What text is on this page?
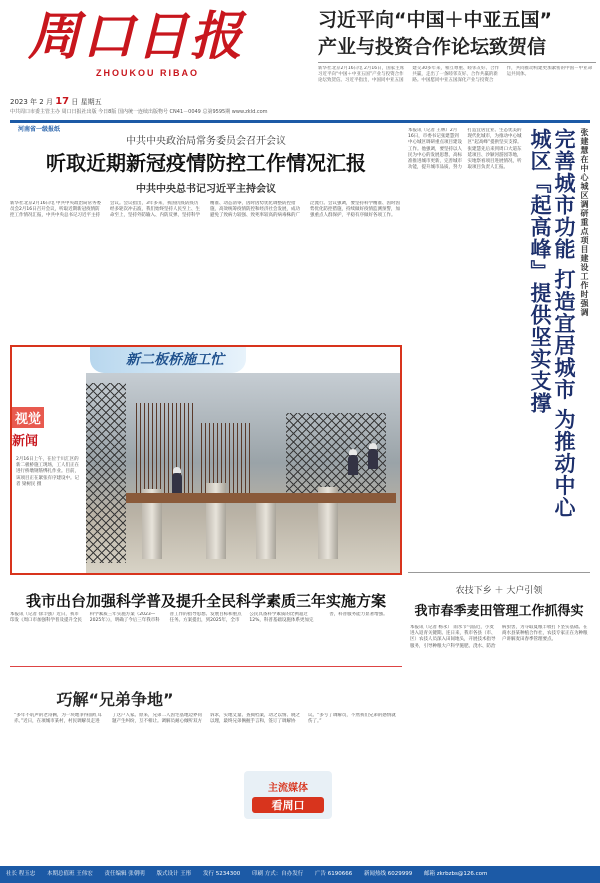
周口日报
ZHOUKOU RIBAO
习近平向“中国＋中亚五国”
产业与投资合作论坛致贺信
新华社北京2月16日电 2月16日，国家主席习近平向“中国＋中亚五国”产业与投资合作论坛致贺信。习近平指出，中国同中亚五国建交30多年来，相互尊重、睦邻友好、合作共赢，走出了一条睦邻友好、合作共赢的新路。中国愿同中亚五国深化产业与投资合作，共同推动构建更加紧密的中国－中亚命运共同体。
2023 年 2 月 17 日 星期五
中共周口市委主管主办 周口日报社出版 今日8版 国内统一连续出版物号 CN41－0049 总第9595期 www.zkld.com
河南省一级报纸
中共中央政治局常务委员会召开会议
听取近期新冠疫情防控工作情况汇报
中共中央总书记习近平主持会议
新华社北京2月16日电 中共中央政治局常务委员会2月16日召开会议，听取近期新冠疫情防控工作情况汇报，中共中央总书记习近平主持会议。会议指出，3年多来，我国抗疫防疫历经多轮次冲击波，我们始终坚持人民至上、生命至上，坚持外防输入、内防反弹，坚持科学精准、动态清零，因时因势优化调整防控措施，高效统筹疫情防控和经济社会发展，成功避免了致病力较强、致死率较高的病毒株的广泛流行。会议强调，要坚持科学精准、因时因势优化防控措施，持续做好疫情监测预警，加强重点人群保护，平稳有序做好各项工作。
新二板桥施工忙
视觉
新闻
2月16日上午，在位于川汇区的新二板桥施工现场，工人们正在进行桥墩钢筋绑扎作业。目前，该项目正在紧张有序建设中。记者 梁树民 摄
我市出台加强科学普及提升全民科学素质三年实施方案
本报讯（记者 徐丰强）近日，我市印发《周口市加强科学普及提升全民科学素质三年实施方案（2023—2025年）》，明确了今后三年我市科普工作的指导思想、发展目标和重点任务。方案提出，到2025年，全市公民具备科学素质的比例超过12%，科普基础设施体系更加完善，科普服务能力显著增强。
巧解“兄弟争地”
“多年不吭声的老哥俩，为一块地争得面红耳赤。”近日，在项城市某村，村民调解员走进了这户人家。原来，兄弟二人因宅基地边界问题产生纠纷，互不相让。调解员耐心倾听双方诉求，实地丈量、查阅档案，动之以情、晓之以理，最终兄弟俩握手言和，签订了调解协议。“多亏了调解员，不然我们兄弟的感情就伤了。”
主流媒体
看周口
本报讯（记者 王林）2月16日，市委书记张建慧到中心城区调研重点项目建设工作。他强调，要坚持以人民为中心的发展思想，高标准推进城市更新，完善城市功能，提升城市品质，努力打造宜居宜业、生态优美的现代化城市，为推动中心城区“起高峰”提供坚实支撑。张建慧先后来到周口大道东延项目、沙颍河游园等地，实地察看项目进展情况，听取项目负责人汇报。	完善城市功能 打造宜居城市 为推动中心城区『起高峰』提供坚实支撑	张建慧在中心城区调研重点项目建设工作时强调
农技下乡 ＋ 大户引领
我市春季麦田管理工作抓得实
本报讯（记者 杨永） 雨水节气临近，小麦进入返青关键期。连日来，我市各县（市、区）农技人员深入田间地头，开展技术指导服务，引导种粮大户科学施肥、浇水、防治病虫害，为夺取夏粮丰收打下坚实基础。在商水县某种植合作社，农技专家正在为种粮户讲解麦田春季管理要点。
社长 程玉忠 本期总值班 王伟宏 责任编辑 张朝明 版式设计 王彤 发行 5234300 印刷 方式：自办发行 广告 6190666 新闻热线 6029999 邮箱 zkrbzbs@126.com
